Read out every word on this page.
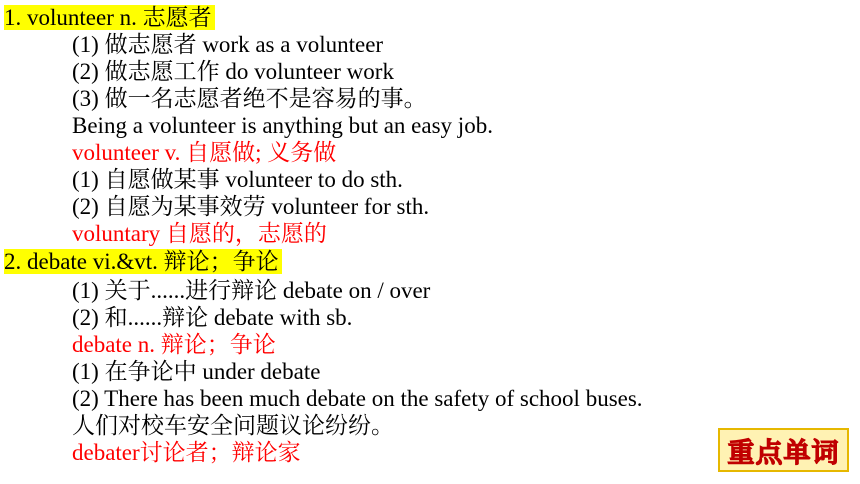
1. volunteer n. 志愿者
(1) 做志愿者 work as a volunteer
(2) 做志愿工作 do volunteer work
(3) 做一名志愿者绝不是容易的事。
Being a volunteer is anything but an easy job.
volunteer v. 自愿做; 义务做
(1) 自愿做某事 volunteer to do sth.
(2) 自愿为某事效劳 volunteer for sth.
voluntary 自愿的，志愿的
2. debate vi.&vt. 辩论；争论
(1) 关于......进行辩论 debate on / over
(2) 和......辩论 debate with sb.
debate n. 辩论；争论
(1) 在争论中 under debate
(2) There has been much debate on the safety of school buses.
人们对校车安全问题议论纷纷。
debater讨论者；辩论家	重点单词
